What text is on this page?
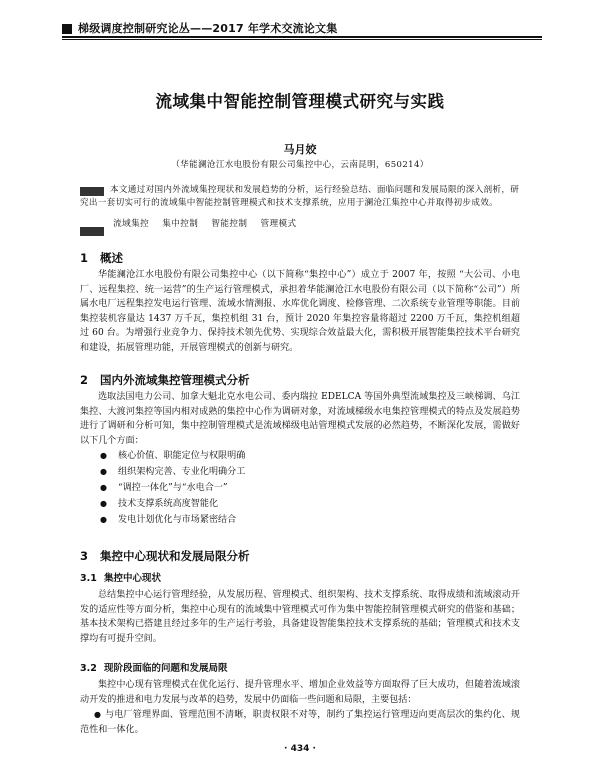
梯级调度控制研究论丛——2017 年学术交流论文集
流域集中智能控制管理模式研究与实践
马月姣
（华能澜沧江水电股份有限公司集控中心，云南昆明，650214）
本文通过对国内外流域集控现状和发展趋势的分析，运行经验总结、面临问题和发展局限的深入剖析，研究出一套切实可行的流域集中智能控制管理模式和技术支撑系统，应用于澜沧江集控中心并取得初步成效。
流域集控 集中控制 智能控制 管理模式
1 概述
华能澜沧江水电股份有限公司集控中心（以下简称“集控中心”）成立于 2007 年，按照 “大公司、小电厂、远程集控、统一运营”的生产运行管理模式，承担着华能澜沧江水电股份有限公司（以下简称“公司”）所属水电厂远程集控发电运行管理、流域水情测报、水库优化调度、检修管理、二次系统专业管理等职能。目前集控装机容量达 1437 万千瓦，集控机组 31 台，预计 2020 年集控容量将超过 2200 万千瓦，集控机组超过 60 台。为增强行业竞争力、保持技术领先优势、实现综合效益最大化，需积极开展智能集控技术平台研究和建设，拓展管理功能，开展管理模式的创新与研究。
2 国内外流域集控管理模式分析
选取法国电力公司、加拿大魁北克水电公司、委内瑞拉 EDELCA 等国外典型流域集控及三峡梯调、乌江集控、大渡河集控等国内相对成熟的集控中心作为调研对象，对流域梯级水电集控管理模式的特点及发展趋势进行了调研和分析可知，集中控制管理模式是流域梯级电站管理模式发展的必然趋势，不断深化发展，需做好以下几个方面：
● 核心价值、职能定位与权限明确
● 组织架构完善、专业化明确分工
● “调控一体化”与“水电合一”
● 技术支撑系统高度智能化
● 发电计划优化与市场紧密结合
3 集控中心现状和发展局限分析
3.1 集控中心现状
总结集控中心运行管理经验，从发展历程、管理模式、组织架构、技术支撑系统、取得成绩和流域滚动开发的适应性等方面分析，集控中心现有的流域集中管理模式可作为集中智能控制管理模式研究的借鉴和基础；基本技术架构已搭建且经过多年的生产运行考验，具备建设智能集控技术支撑系统的基础；管理模式和技术支撑均有可提升空间。
3.2 现阶段面临的问题和发展局限
集控中心现有管理模式在优化运行、提升管理水平、增加企业效益等方面取得了巨大成功，但随着流域滚动开发的推进和电力发展与改革的趋势，发展中仍面临一些问题和局限，主要包括：
● 与电厂管理界面、管理范围不清晰，职责权限不对等，制约了集控运行管理迈向更高层次的集约化、规范性和一体化。
· 434 ·
